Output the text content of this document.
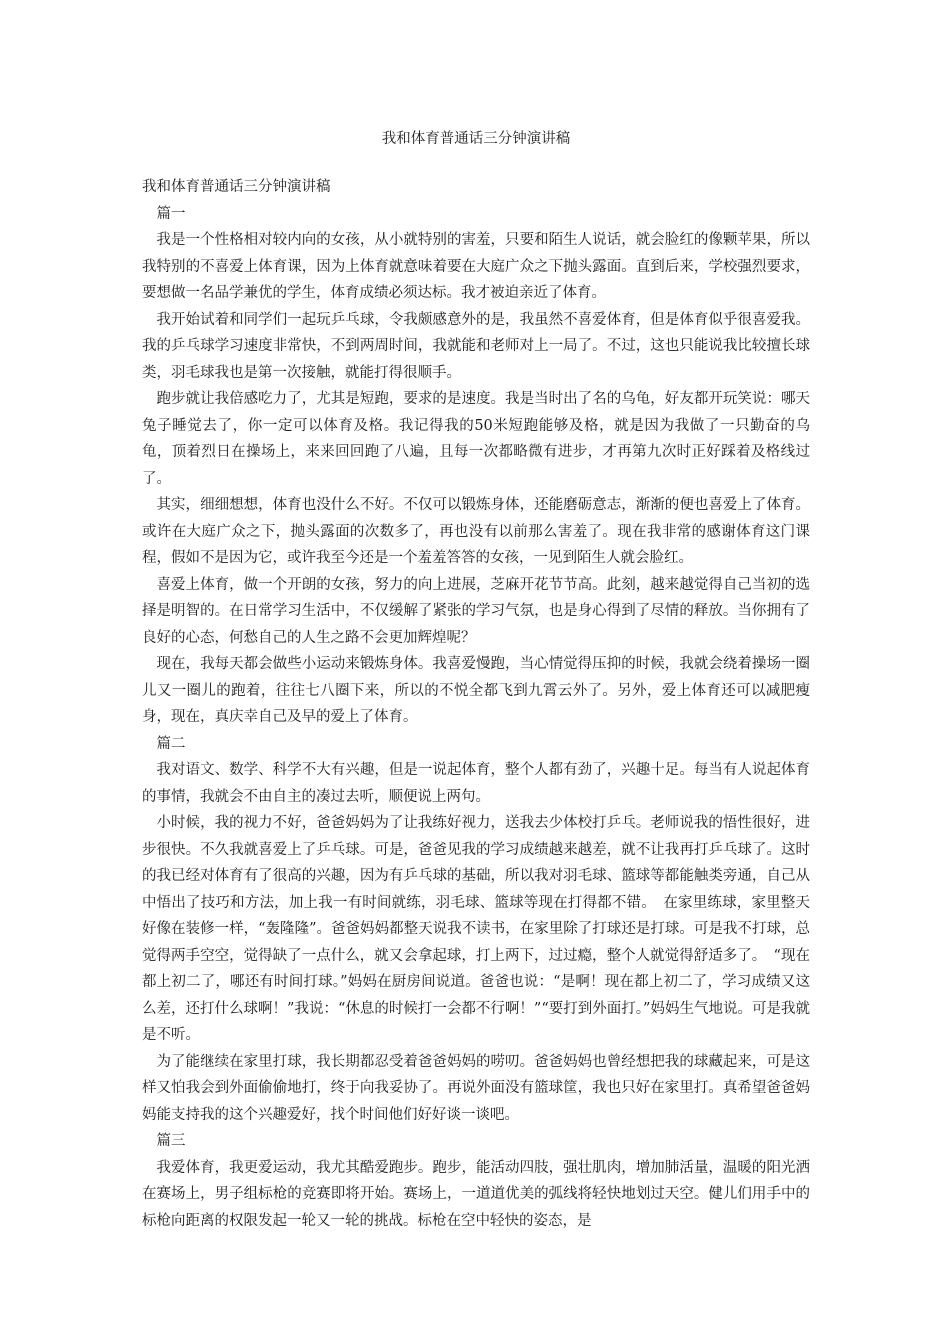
我和体育普通话三分钟演讲稿

我和体育普通话三分钟演讲稿

篇一

我是一个性格相对较内向的女孩，从小就特别的害羞，只要和陌生人说话，就会脸红的像颗苹果，所以我特别的不喜爱上体育课，因为上体育就意味着要在大庭广众之下抛头露面。直到后来，学校强烈要求，要想做一名品学兼优的学生，体育成绩必须达标。我才被迫亲近了体育。

我开始试着和同学们一起玩乒乓球，令我颇感意外的是，我虽然不喜爱体育，但是体育似乎很喜爱我。我的乒乓球学习速度非常快，不到两周时间，我就能和老师对上一局了。不过，这也只能说我比较擅长球类，羽毛球我也是第一次接触，就能打得很顺手。

跑步就让我倍感吃力了，尤其是短跑，要求的是速度。我是当时出了名的乌龟，好友都开玩笑说：哪天兔子睡觉去了，你一定可以体育及格。我记得我的50米短跑能够及格，就是因为我做了一只勤奋的乌龟，顶着烈日在操场上，来来回回跑了八遍，且每一次都略微有进步，才再第九次时正好踩着及格线过了。

其实，细细想想，体育也没什么不好。不仅可以锻炼身体，还能磨砺意志，渐渐的便也喜爱上了体育。或许在大庭广众之下，抛头露面的次数多了，再也没有以前那么害羞了。现在我非常的感谢体育这门课程，假如不是因为它，或许我至今还是一个羞羞答答的女孩，一见到陌生人就会脸红。

喜爱上体育，做一个开朗的女孩，努力的向上进展，芝麻开花节节高。此刻，越来越觉得自己当初的选择是明智的。在日常学习生活中，不仅缓解了紧张的学习气氛，也是身心得到了尽情的释放。当你拥有了良好的心态，何愁自己的人生之路不会更加辉煌呢？

现在，我每天都会做些小运动来锻炼身体。我喜爱慢跑，当心情觉得压抑的时候，我就会绕着操场一圈儿又一圈儿的跑着，往往七八圈下来，所以的不悦全都飞到九霄云外了。另外，爱上体育还可以减肥瘦身，现在，真庆幸自己及早的爱上了体育。

篇二

我对语文、数学、科学不大有兴趣，但是一说起体育，整个人都有劲了，兴趣十足。每当有人说起体育的事情，我就会不由自主的凑过去听，顺便说上两句。

小时候，我的视力不好，爸爸妈妈为了让我练好视力，送我去少体校打乒乓。老师说我的悟性很好，进步很快。不久我就喜爱上了乒乓球。可是，爸爸见我的学习成绩越来越差，就不让我再打乒乓球了。这时的我已经对体育有了很高的兴趣，因为有乒乓球的基础，所以我对羽毛球、篮球等都能触类旁通，自己从中悟出了技巧和方法，加上我一有时间就练，羽毛球、篮球等现在打得都不错。　在家里练球，家里整天好像在装修一样，“轰隆隆”。爸爸妈妈都整天说我不读书，在家里除了打球还是打球。可是我不打球，总觉得两手空空，觉得缺了一点什么，就又会拿起球，打上两下，过过瘾，整个人就觉得舒适多了。　“现在都上初二了，哪还有时间打球。”妈妈在厨房间说道。爸爸也说：“是啊！现在都上初二了，学习成绩又这么差，还打什么球啊！”我说：“休息的时候打一会都不行啊！”“要打到外面打。”妈妈生气地说。可是我就是不听。

为了能继续在家里打球，我长期都忍受着爸爸妈妈的唠叨。爸爸妈妈也曾经想把我的球藏起来，可是这样又怕我会到外面偷偷地打，终于向我妥协了。再说外面没有篮球筐，我也只好在家里打。真希望爸爸妈妈能支持我的这个兴趣爱好，找个时间他们好好谈一谈吧。

篇三

我爱体育，我更爱运动，我尤其酷爱跑步。跑步，能活动四肢，强壮肌肉，增加肺活量，温暖的阳光洒在赛场上，男子组标枪的竞赛即将开始。赛场上，一道道优美的弧线将轻快地划过天空。健儿们用手中的标枪向距离的权限发起一轮又一轮的挑战。标枪在空中轻快的姿态，是
